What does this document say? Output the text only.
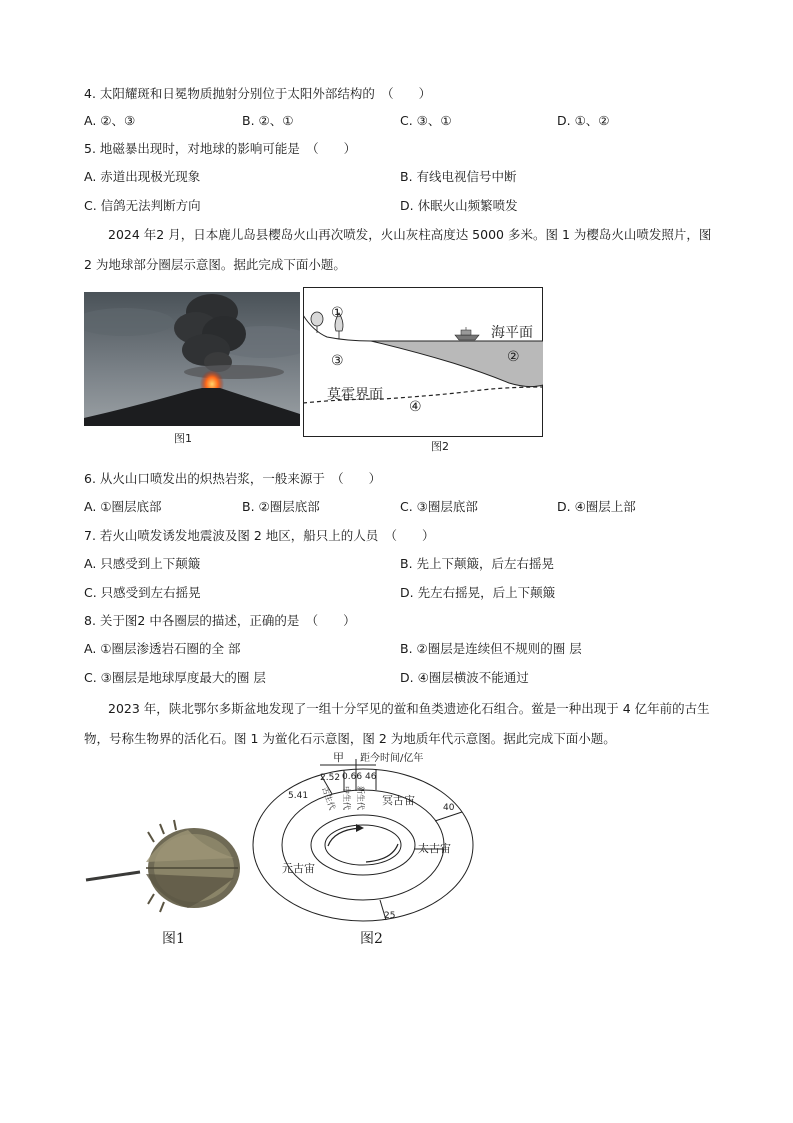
4. 太阳耀斑和日冕物质抛射分别位于太阳外部结构的　（　　）
A. ②、③	B. ②、①	C. ③、①	D. ①、②
5. 地磁暴出现时，对地球的影响可能是　（　　）
A. 赤道出现极光现象	B. 有线电视信号中断
C. 信鸽无法判断方向	D. 休眠火山频繁喷发
2024 年2 月，日本鹿儿岛县樱岛火山再次喷发，火山灰柱高度达 5000 多米。图 1 为樱岛火山喷发照片，图 2 为地球部分圈层示意图。据此完成下面小题。
图1
①
海平面
②
③
莫霍界面
④
图2
6. 从火山口喷发出的炽热岩浆，一般来源于　（　　）
A. ①圈层底部	B. ②圈层底部	C. ③圈层底部	D. ④圈层上部
7. 若火山喷发诱发地震波及图 2 地区，船只上的人员　（　　）
A. 只感受到上下颠簸	B. 先上下颠簸，后左右摇晃
C. 只感受到左右摇晃	D. 先左右摇晃，后上下颠簸
8. 关于图2 中各圈层的描述，正确的是　（　　）
A. ①圈层渗透岩石圈的全 部	B. ②圈层是连续但不规则的圈 层
C. ③圈层是地球厚度最大的圈 层	D. ④圈层横波不能通过
2023 年，陕北鄂尔多斯盆地发现了一组十分罕见的鲎和鱼类遗迹化石组合。鲎是一种出现于 4 亿年前的古生物，号称生物界的活化石。图 1 为鲎化石示意图，图 2 为地质年代示意图。据此完成下面小题。
图1
甲 距今时间/亿年
2.52 0.66 46
5.41
40
25
古生代 中生代 新生代 冥古宙
太古宙
元古宙
图2
